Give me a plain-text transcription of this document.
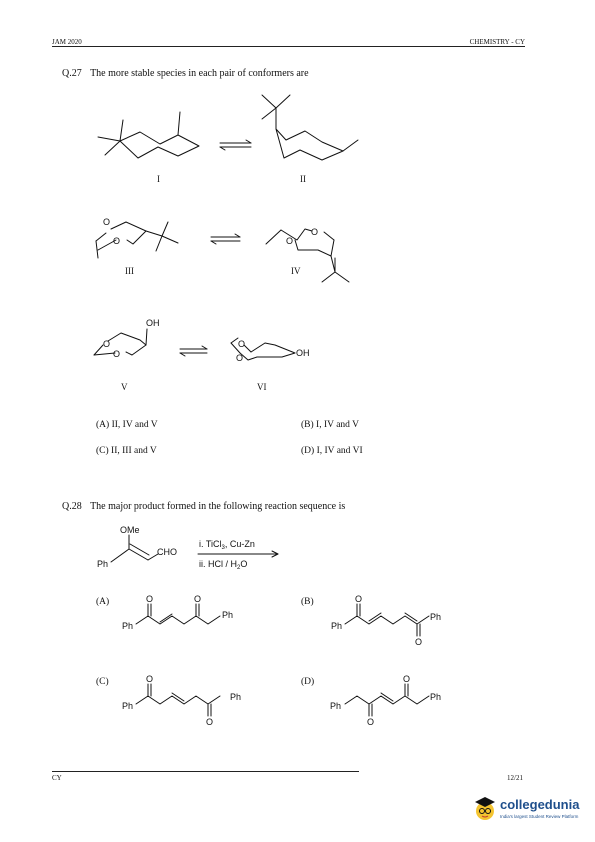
JAM 2020	CHEMISTRY - CY
Q.27 The more stable species in each pair of conformers are
O
O
O
O
O
O
OH
O
O	OH
OMe
CHO
Ph
i. TiCl$_3$, Cu-Zn
ii. HCl / $H_2O$
O	O
Ph
Ph
O
O
Ph
Ph
O
O
Ph
Ph
O
O
Ph
Ph
I	II
III	IV
V	VI
(A) II, IV and V	(B) I, IV and V
(C) II, III and V	(D) I, IV and VI
Q.28 The major product formed in the following reaction sequence is
(A)	(B)
(C)	(D)
CY	12/21
collegedunia
India's largest Student Review Platform
